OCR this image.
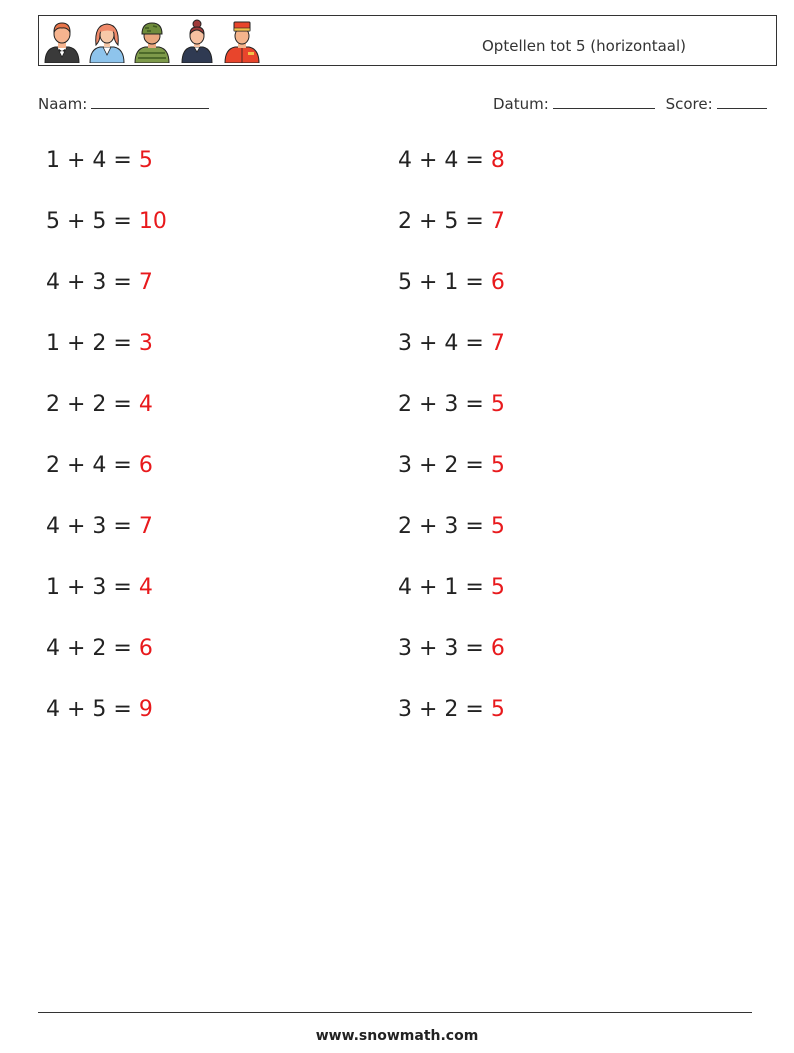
Optellen tot 5 (horizontaal)
Naam:	Datum:	Score:
1 + 4 = 5
5 + 5 = 10
4 + 3 = 7
1 + 2 = 3
2 + 2 = 4
2 + 4 = 6
4 + 3 = 7
1 + 3 = 4
4 + 2 = 6
4 + 5 = 9
4 + 4 = 8
2 + 5 = 7
5 + 1 = 6
3 + 4 = 7
2 + 3 = 5
3 + 2 = 5
2 + 3 = 5
4 + 1 = 5
3 + 3 = 6
3 + 2 = 5
www.snowmath.com
